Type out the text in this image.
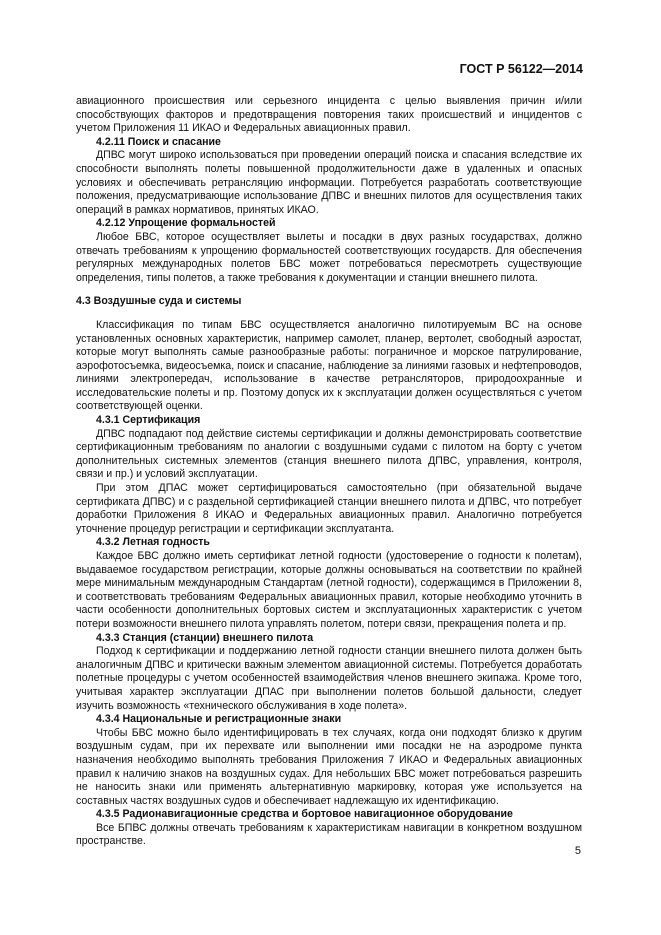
ГОСТ Р 56122—2014

авиационного происшествия или серьезного инцидента с целью выявления причин и/или способствующих факторов и предотвращения повторения таких происшествий и инцидентов с учетом Приложения 11 ИКАО и Федеральных авиационных правил.

4.2.11 Поиск и спасание

ДПВС могут широко использоваться при проведении операций поиска и спасания вследствие их способности выполнять полеты повышенной продолжительности даже в удаленных и опасных условиях и обеспечивать ретрансляцию информации. Потребуется разработать соответствующие положения, предусматривающие использование ДПВС и внешних пилотов для осуществления таких операций в рамках нормативов, принятых ИКАО.

4.2.12 Упрощение формальностей

Любое БВС, которое осуществляет вылеты и посадки в двух разных государствах, должно отвечать требованиям к упрощению формальностей соответствующих государств. Для обеспечения регулярных международных полетов БВС может потребоваться пересмотреть существующие определения, типы полетов, а также требования к документации и станции внешнего пилота.

4.3 Воздушные суда и системы

Классификация по типам БВС осуществляется аналогично пилотируемым ВС на основе установленных основных характеристик, например самолет, планер, вертолет, свободный аэростат, которые могут выполнять самые разнообразные работы: пограничное и морское патрулирование, аэрофотосъемка, видеосъемка, поиск и спасание, наблюдение за линиями газовых и нефтепроводов, линиями электропередач, использование в качестве ретрансляторов, природоохранные и исследовательские полеты и пр. Поэтому допуск их к эксплуатации должен осуществляться с учетом соответствующей оценки.

4.3.1 Сертификация

ДПВС подпадают под действие системы сертификации и должны демонстрировать соответствие сертификационным требованиям по аналогии с воздушными судами с пилотом на борту с учетом дополнительных системных элементов (станция внешнего пилота ДПВС, управления, контроля, связи и пр.) и условий эксплуатации.

При этом ДПАС может сертифицироваться самостоятельно (при обязательной выдаче сертификата ДПВС) и с раздельной сертификацией станции внешнего пилота и ДПВС, что потребует доработки Приложения 8 ИКАО и Федеральных авиационных правил. Аналогично потребуется уточнение процедур регистрации и сертификации эксплуатанта.

4.3.2 Летная годность

Каждое БВС должно иметь сертификат летной годности (удостоверение о годности к полетам), выдаваемое государством регистрации, которые должны основываться на соответствии по крайней мере минимальным международным Стандартам (летной годности), содержащимся в Приложении 8, и соответствовать требованиям Федеральных авиационных правил, которые необходимо уточнить в части особенности дополнительных бортовых систем и эксплуатационных характеристик с учетом потери возможности внешнего пилота управлять полетом, потери связи, прекращения полета и пр.

4.3.3 Станция (станции) внешнего пилота

Подход к сертификации и поддержанию летной годности станции внешнего пилота должен быть аналогичным ДПВС и критически важным элементом авиационной системы. Потребуется доработать полетные процедуры с учетом особенностей взаимодействия членов внешнего экипажа. Кроме того, учитывая характер эксплуатации ДПАС при выполнении полетов большой дальности, следует изучить возможность «технического обслуживания в ходе полета».

4.3.4 Национальные и регистрационные знаки

Чтобы БВС можно было идентифицировать в тех случаях, когда они подходят близко к другим воздушным судам, при их перехвате или выполнении ими посадки не на аэродроме пункта назначения необходимо выполнять требования Приложения 7 ИКАО и Федеральных авиационных правил к наличию знаков на воздушных судах. Для небольших БВС может потребоваться разрешить не наносить знаки или применять альтернативную маркировку, которая уже используется на составных частях воздушных судов и обеспечивает надлежащую их идентификацию.

4.3.5 Радионавигационные средства и бортовое навигационное оборудование

Все БПВС должны отвечать требованиям к характеристикам навигации в конкретном воздушном пространстве.

5
